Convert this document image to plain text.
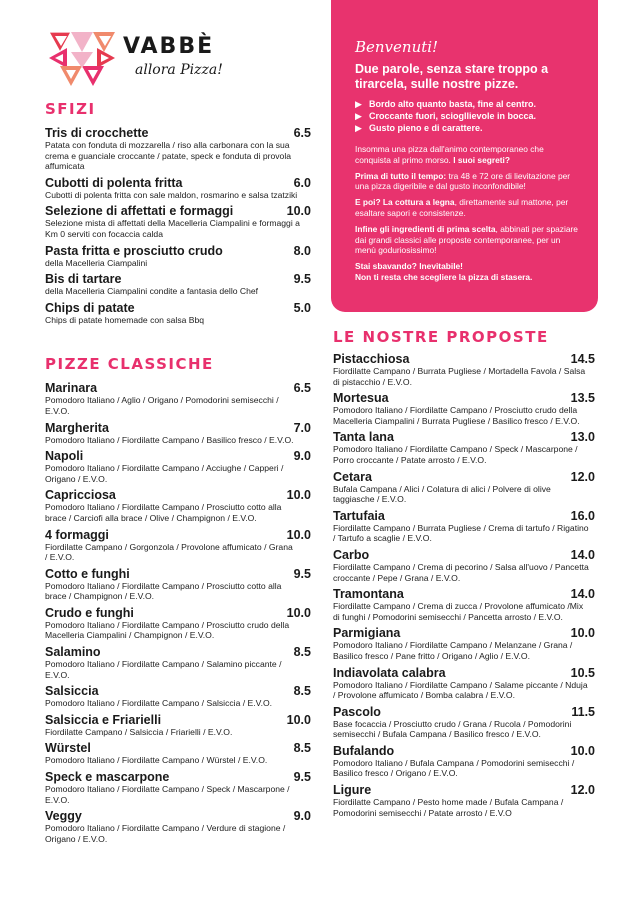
VABBÈ
allora Pizza!
SFIZI
Tris di crocchette	6.5
Patata con fonduta di mozzarella / riso alla carbonara con la sua crema e guanciale croccante / patate, speck e fonduta di provola affumicata
Cubotti di polenta fritta	6.0
Cubotti di polenta fritta con sale maldon, rosmarino e salsa tzatziki
Selezione di affettati e formaggi	10.0
Selezione mista di affettati della Macelleria Ciampalini e formaggi a Km 0 serviti con focaccia calda
Pasta fritta e prosciutto crudo	8.0
della Macelleria Ciampalini
Bis di tartare	9.5
della Macelleria Ciampalini condite a fantasia dello Chef
Chips di patate	5.0
Chips di patate homemade con salsa Bbq
PIZZE CLASSICHE
Marinara	6.5
Pomodoro Italiano / Aglio / Origano / Pomodorini semisecchi / E.V.O.
Margherita	7.0
Pomodoro Italiano / Fiordilatte Campano / Basilico fresco / E.V.O.
Napoli	9.0
Pomodoro Italiano / Fiordilatte Campano / Acciughe / Capperi / Origano / E.V.O.
Capricciosa	10.0
Pomodoro Italiano / Fiordilatte Campano / Prosciutto cotto alla brace / Carciofi alla brace / Olive / Champignon / E.V.O.
4 formaggi	10.0
Fiordilatte Campano / Gorgonzola / Provolone affumicato / Grana / E.V.O.
Cotto e funghi	9.5
Pomodoro Italiano / Fiordilatte Campano / Prosciutto cotto alla brace / Champignon / E.V.O.
Crudo e funghi	10.0
Pomodoro Italiano / Fiordilatte Campano / Prosciutto crudo della Macelleria Ciampalini / Champignon / E.V.O.
Salamino	8.5
Pomodoro Italiano / Fiordilatte Campano / Salamino piccante / E.V.O.
Salsiccia	8.5
Pomodoro Italiano / Fiordilatte Campano / Salsiccia / E.V.O.
Salsiccia e Friarielli	10.0
Fiordilatte Campano / Salsiccia / Friarielli / E.V.O.
Würstel	8.5
Pomodoro Italiano / Fiordilatte Campano / Würstel / E.V.O.
Speck e mascarpone	9.5
Pomodoro Italiano / Fiordilatte Campano / Speck / Mascarpone / E.V.O.
Veggy	9.0
Pomodoro Italiano / Fiordilatte Campano / Verdure di stagione / Origano / E.V.O.

Benvenuti!

Due parole, senza stare troppo a tirarcela, sulle nostre pizze.

▶ Bordo alto quanto basta, fine al centro.
▶ Croccante fuori, sciogllievole in bocca.
▶ Gusto pieno e di carattere.

Insomma una pizza dall'animo contemporaneo che conquista al primo morso. I suoi segreti?

Prima di tutto il tempo: tra 48 e 72 ore di lievitazione per una pizza digeribile e dal gusto inconfondibile!

E poi? La cottura a legna, direttamente sul mattone, per esaltare sapori e consistenze.

Infine gli ingredienti di prima scelta, abbinati per spaziare dai grandi classici alle proposte contemporanee, per un menù goduriosissimo!

Stai sbavando? Inevitabile!

Non ti resta che scegliere la pizza di stasera.

LE NOSTRE PROPOSTE
Pistacchiosa	14.5
Fiordilatte Campano / Burrata Pugliese / Mortadella Favola / Salsa di pistacchio / E.V.O.
Mortesua	13.5
Pomodoro Italiano / Fiordilatte Campano / Prosciutto crudo della Macelleria Ciampalini / Burrata Pugliese / Basilico fresco / E.V.O.
Tanta lana	13.0
Pomodoro Italiano / Fiordilatte Campano / Speck / Mascarpone / Porro croccante / Patate arrosto / E.V.O.
Cetara	12.0
Bufala Campana / Alici / Colatura di alici / Polvere di olive taggiasche / E.V.O.
Tartufaia	16.0
Fiordilatte Campano / Burrata Pugliese / Crema di tartufo / Rigatino / Tartufo a scaglie / E.V.O.
Carbo	14.0
Fiordilatte Campano / Crema di pecorino / Salsa all'uovo / Pancetta croccante / Pepe / Grana / E.V.O.
Tramontana	14.0
Fiordilatte Campano / Crema di zucca / Provolone affumicato /Mix di funghi / Pomodorini semisecchi / Pancetta arrosto / E.V.O.
Parmigiana	10.0
Pomodoro Italiano / Fiordilatte Campano / Melanzane / Grana / Basilico fresco / Pane fritto / Origano / Aglio / E.V.O.
Indiavolata calabra	10.5
Pomodoro Italiano / Fiordilatte Campano / Salame piccante / Nduja / Provolone affumicato / Bomba calabra / E.V.O.
Pascolo	11.5
Base focaccia / Prosciutto crudo / Grana / Rucola / Pomodorini semisecchi / Bufala Campana / Basilico fresco / E.V.O.
Bufalando	10.0
Pomodoro Italiano / Bufala Campana / Pomodorini semisecchi / Basilico fresco / Origano / E.V.O.
Ligure	12.0
Fiordilatte Campano / Pesto home made / Bufala Campana / Pomodorini semisecchi / Patate arrosto / E.V.O
